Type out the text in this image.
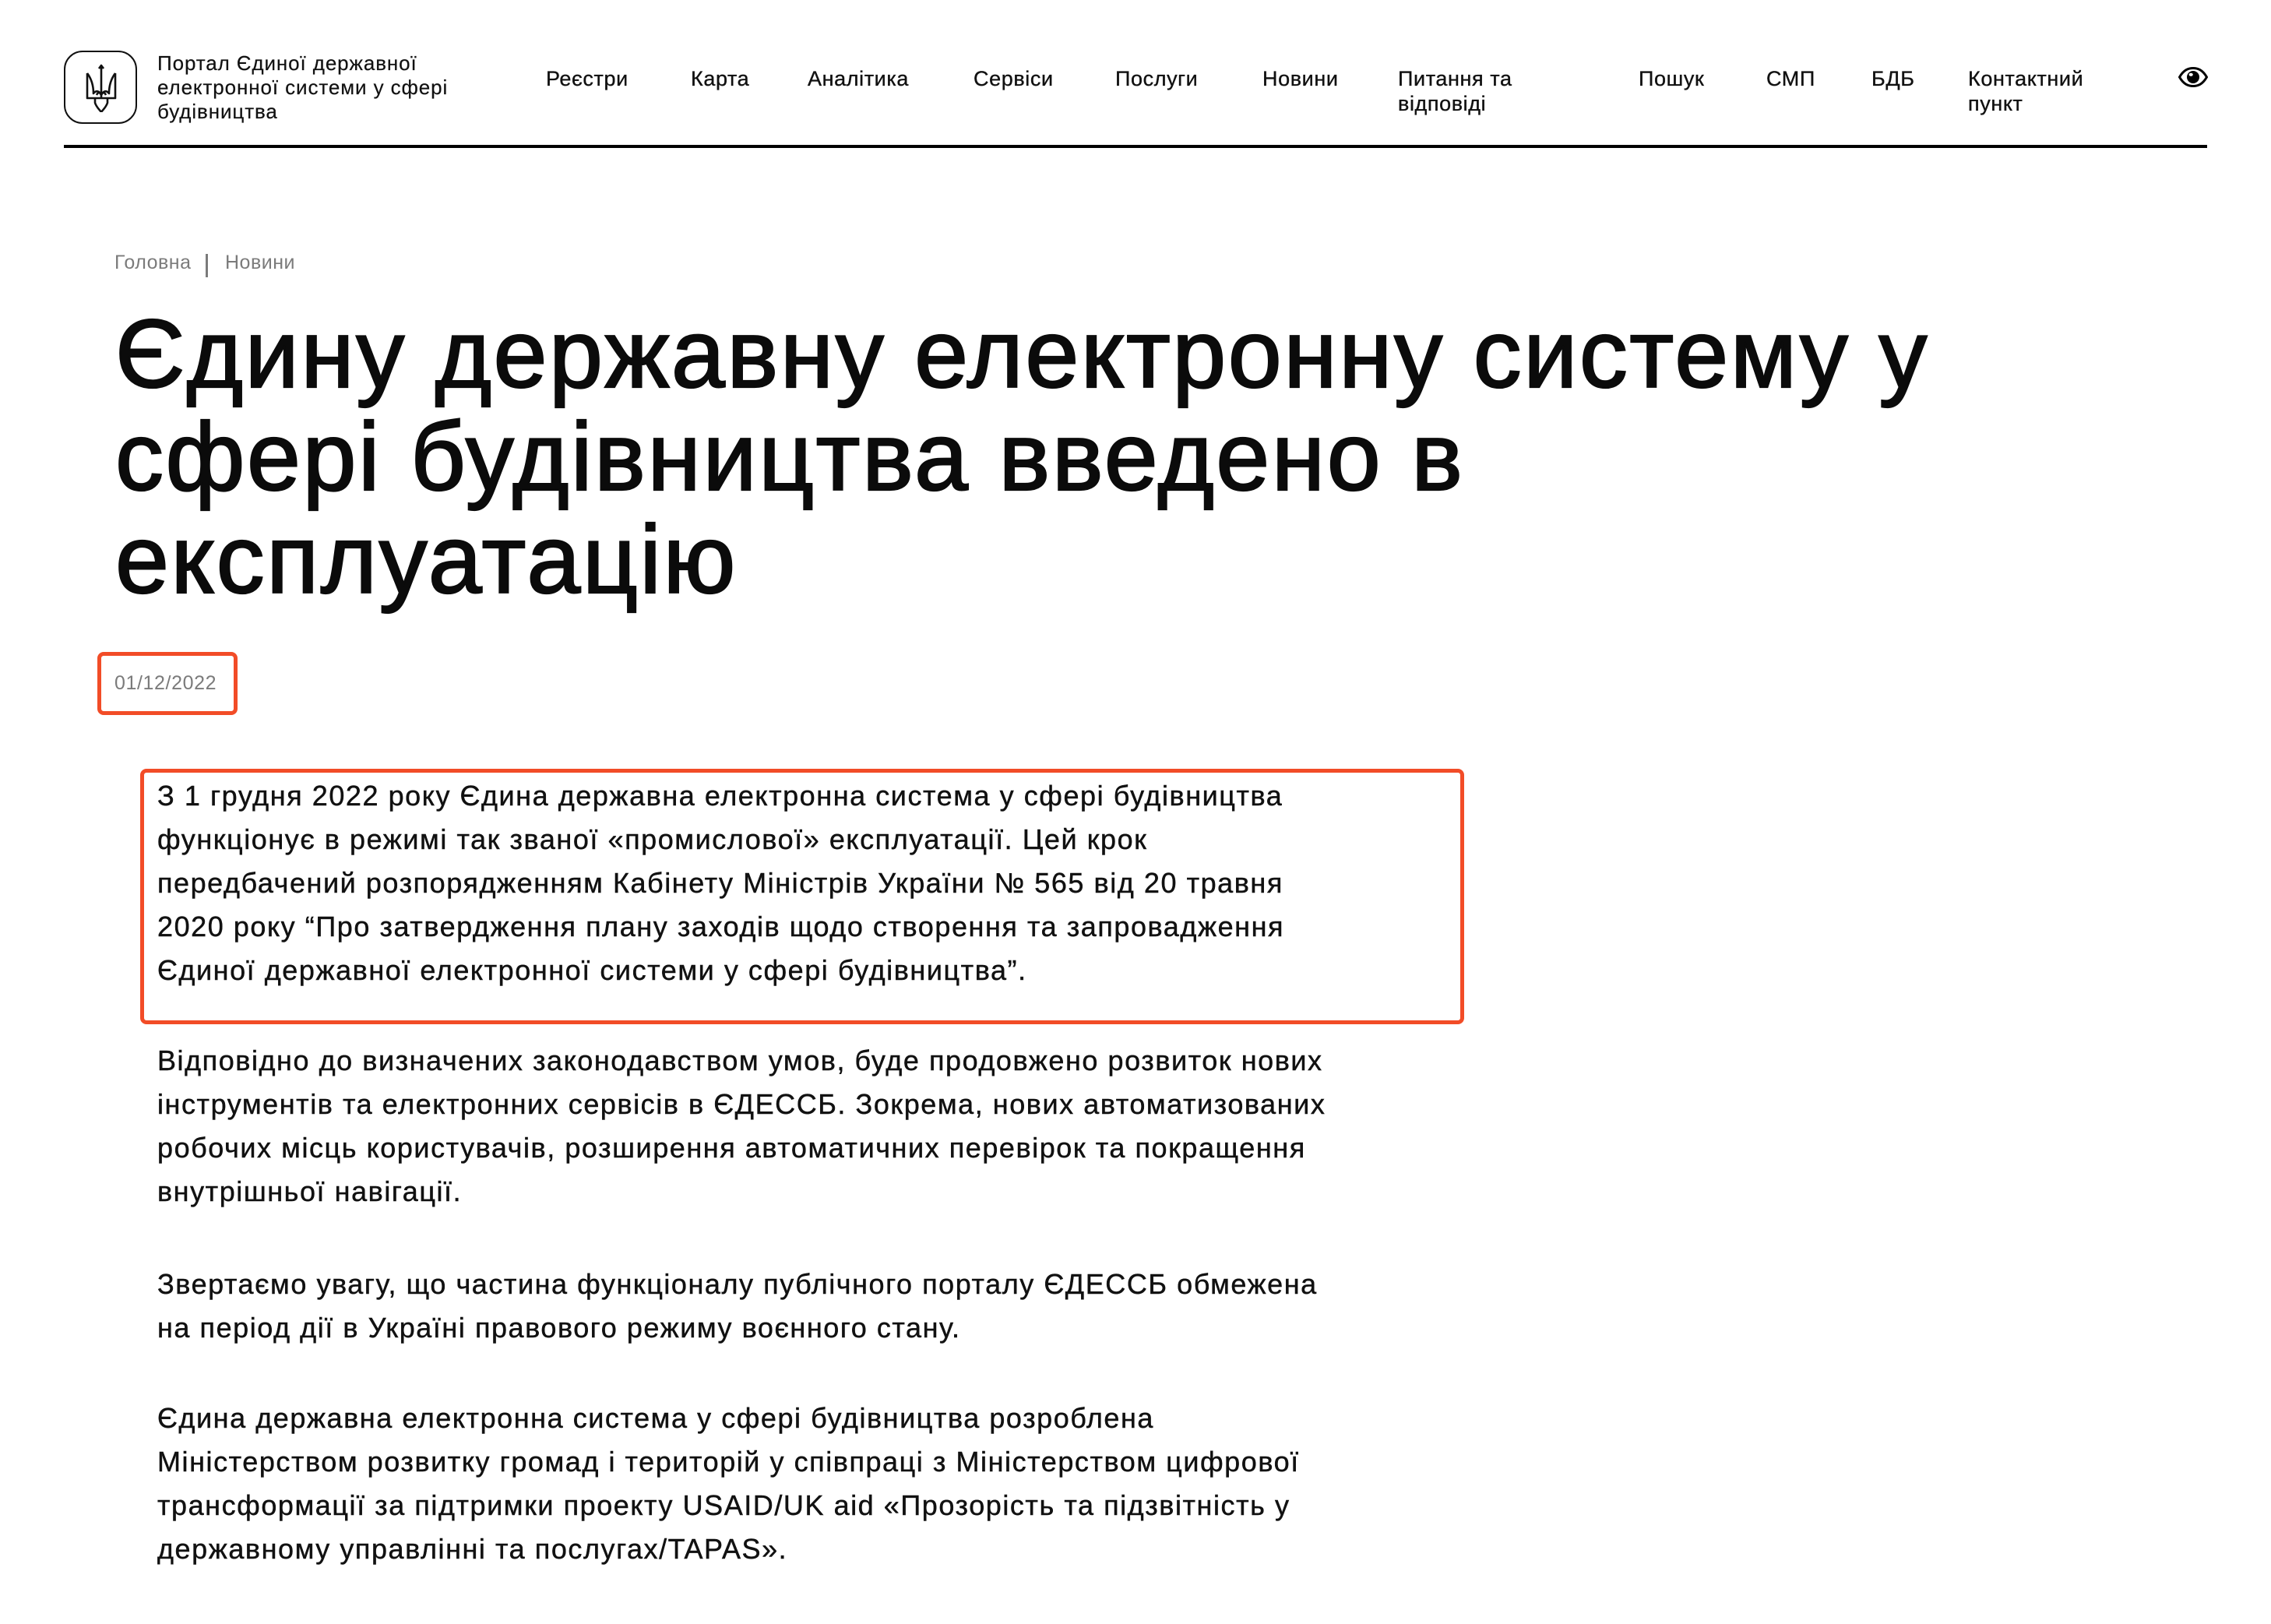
Портал Єдиної державної
електронної системи у сфері
будівництва
Реєстри	Карта	Аналітика	Сервіси	Послуги	Новини	Питання та
відповіді
Пошук	СМП	БДБ	Контактний
пункт
Головна Новини
Єдину державну електронну систему у
сфері будівництва введено в
експлуатацію
01/12/2022
З 1 грудня 2022 року Єдина державна електронна система у сфері будівництва
функціонує в режимі так званої «промислової» експлуатації. Цей крок
передбачений розпорядженням Кабінету Міністрів України № 565 від 20 травня
2020 року “Про затвердження плану заходів щодо створення та запровадження
Єдиної державної електронної системи у сфері будівництва”.
Відповідно до визначених законодавством умов, буде продовжено розвиток нових
інструментів та електронних сервісів в ЄДЕССБ. Зокрема, нових автоматизованих
робочих місць користувачів, розширення автоматичних перевірок та покращення
внутрішньої навігації.
Звертаємо увагу, що частина функціоналу публічного порталу ЄДЕССБ обмежена
на період дії в Україні правового режиму воєнного стану.
Єдина державна електронна система у сфері будівництва розроблена
Міністерством розвитку громад і територій у співпраці з Міністерством цифрової
трансформації за підтримки проекту USAID/UK aid «Прозорість та підзвітність у
державному управлінні та послугах/TAPAS».
